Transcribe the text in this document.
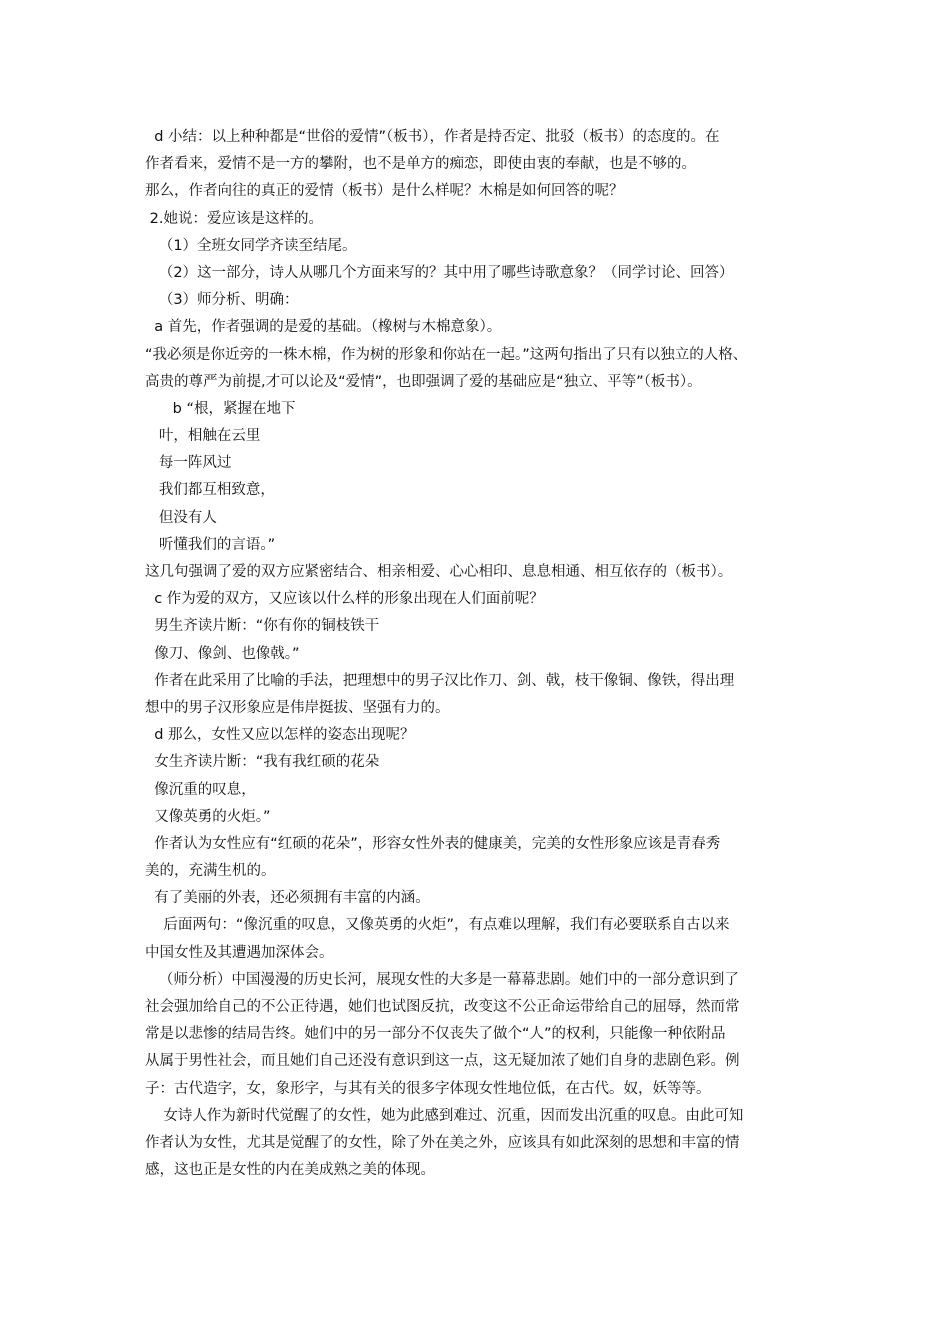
d 小结：以上种种都是“世俗的爱情”（板书），作者是持否定、批驳（板书）的态度的。在
作者看来，爱情不是一方的攀附，也不是单方的痴恋，即使由衷的奉献，也是不够的。
那么，作者向往的真正的爱情（板书）是什么样呢？木棉是如何回答的呢？
2.她说：爱应该是这样的。
（1）全班女同学齐读至结尾。
（2）这一部分，诗人从哪几个方面来写的？其中用了哪些诗歌意象？（同学讨论、回答）
（3）师分析、明确：
a 首先，作者强调的是爱的基础。（橡树与木棉意象）。
“我必须是你近旁的一株木棉，作为树的形象和你站在一起。”这两句指出了只有以独立的人格、
高贵的尊严为前提,才可以论及“爱情”，也即强调了爱的基础应是“独立、平等”（板书）。
b “根，紧握在地下
叶，相触在云里
每一阵风过
我们都互相致意，
但没有人
听懂我们的言语。”
这几句强调了爱的双方应紧密结合、相亲相爱、心心相印、息息相通、相互依存的（板书）。
c 作为爱的双方，又应该以什么样的形象出现在人们面前呢？
男生齐读片断：“你有你的铜枝铁干
像刀、像剑、也像戟。”
作者在此采用了比喻的手法，把理想中的男子汉比作刀、剑、戟，枝干像铜、像铁，得出理
想中的男子汉形象应是伟岸挺拔、坚强有力的。
d 那么，女性又应以怎样的姿态出现呢？
女生齐读片断：“我有我红硕的花朵
像沉重的叹息，
又像英勇的火炬。”
作者认为女性应有“红硕的花朵”，形容女性外表的健康美，完美的女性形象应该是青春秀
美的，充满生机的。
有了美丽的外表，还必须拥有丰富的内涵。
后面两句：“像沉重的叹息，又像英勇的火炬”，有点难以理解，我们有必要联系自古以来
中国女性及其遭遇加深体会。
（师分析）中国漫漫的历史长河，展现女性的大多是一幕幕悲剧。她们中的一部分意识到了
社会强加给自己的不公正待遇，她们也试图反抗，改变这不公正命运带给自己的屈辱，然而常
常是以悲惨的结局告终。她们中的另一部分不仅丧失了做个“人”的权利，只能像一种依附品
从属于男性社会，而且她们自己还没有意识到这一点，这无疑加浓了她们自身的悲剧色彩。例
子：古代造字，女，象形字，与其有关的很多字体现女性地位低，在古代。奴，妖等等。
女诗人作为新时代觉醒了的女性，她为此感到难过、沉重，因而发出沉重的叹息。由此可知
作者认为女性，尤其是觉醒了的女性，除了外在美之外，应该具有如此深刻的思想和丰富的情
感，这也正是女性的内在美成熟之美的体现。
